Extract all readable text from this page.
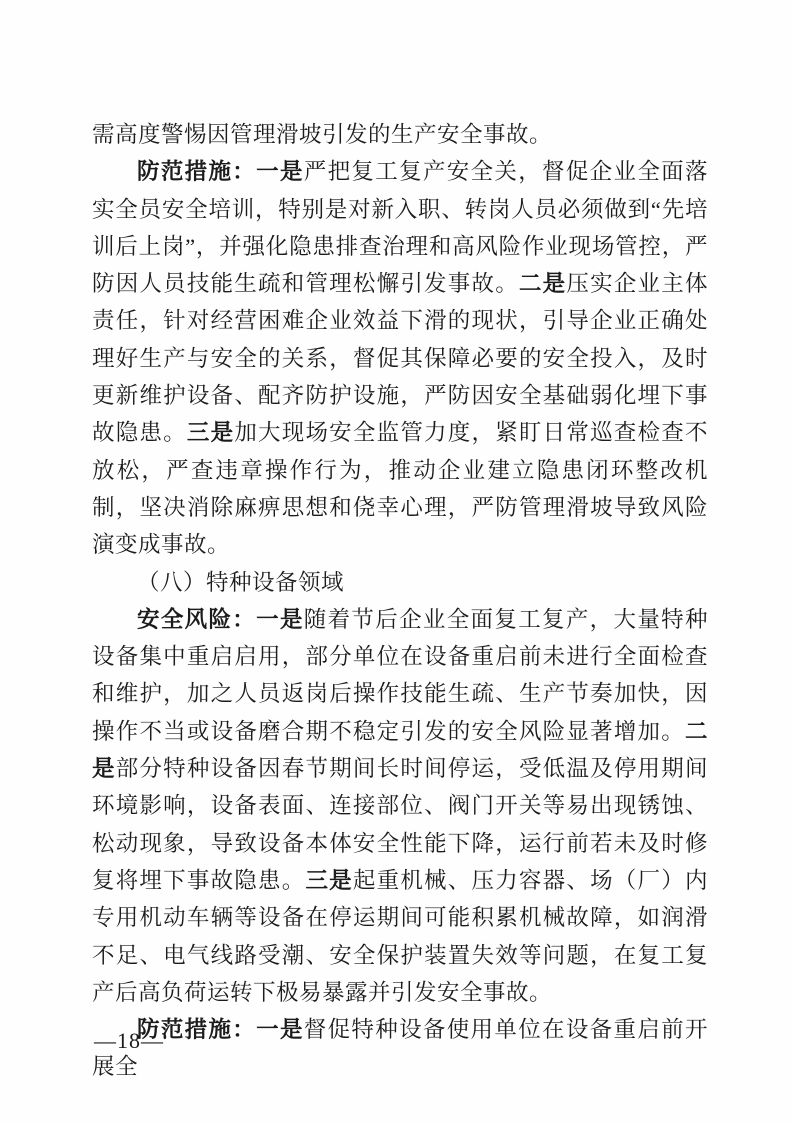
需高度警惕因管理滑坡引发的生产安全事故。

防范措施：一是严把复工复产安全关，督促企业全面落实全员安全培训，特别是对新入职、转岗人员必须做到“先培训后上岗”，并强化隐患排查治理和高风险作业现场管控，严防因人员技能生疏和管理松懈引发事故。二是压实企业主体责任，针对经营困难企业效益下滑的现状，引导企业正确处理好生产与安全的关系，督促其保障必要的安全投入，及时更新维护设备、配齐防护设施，严防因安全基础弱化埋下事故隐患。三是加大现场安全监管力度，紧盯日常巡查检查不放松，严查违章操作行为，推动企业建立隐患闭环整改机制，坚决消除麻痹思想和侥幸心理，严防管理滑坡导致风险演变成事故。

（八）特种设备领域

安全风险：一是随着节后企业全面复工复产，大量特种设备集中重启启用，部分单位在设备重启前未进行全面检查和维护，加之人员返岗后操作技能生疏、生产节奏加快，因操作不当或设备磨合期不稳定引发的安全风险显著增加。二是部分特种设备因春节期间长时间停运，受低温及停用期间环境影响，设备表面、连接部位、阀门开关等易出现锈蚀、松动现象，导致设备本体安全性能下降，运行前若未及时修复将埋下事故隐患。三是起重机械、压力容器、场（厂）内专用机动车辆等设备在停运期间可能积累机械故障，如润滑不足、电气线路受潮、安全保护装置失效等问题，在复工复产后高负荷运转下极易暴露并引发安全事故。

防范措施：一是督促特种设备使用单位在设备重启前开展全

—18—
